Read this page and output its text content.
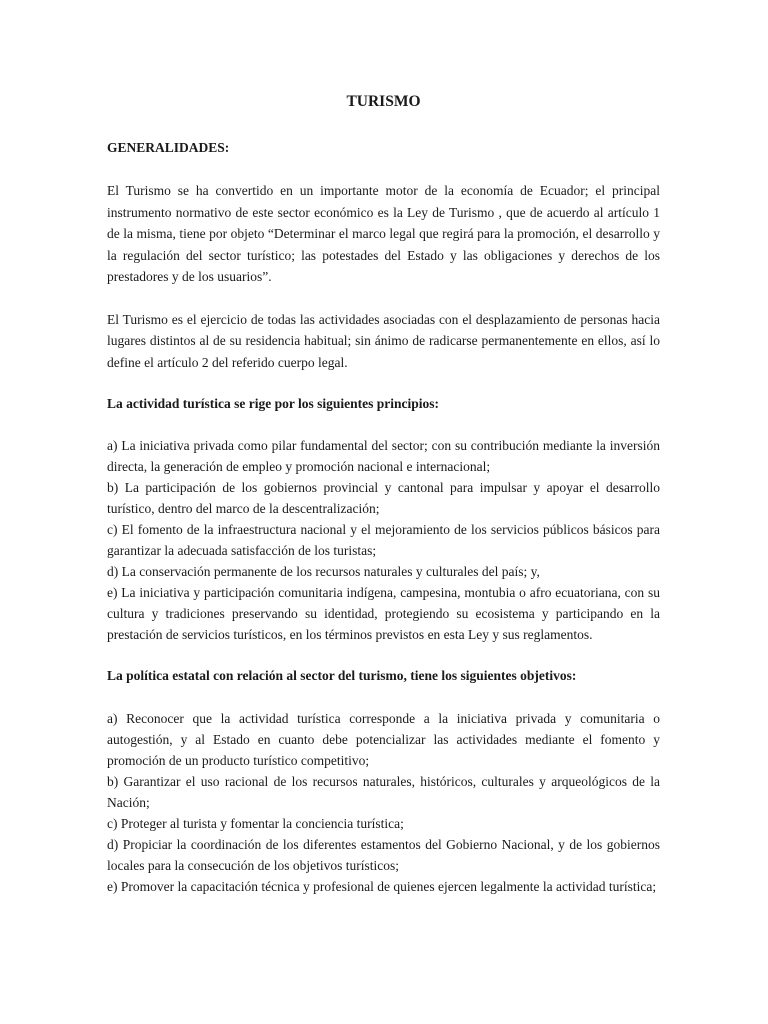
TURISMO
GENERALIDADES:

El Turismo se ha convertido en un importante motor de la economía de Ecuador; el principal instrumento normativo de este sector económico es la Ley de Turismo , que de acuerdo al artículo 1 de la misma, tiene por objeto “Determinar el marco legal que regirá para la promoción, el desarrollo y la regulación del sector turístico; las potestades del Estado y las obligaciones y derechos de los prestadores y de los usuarios”.

El Turismo es el ejercicio de todas las actividades asociadas con el desplazamiento de personas hacia lugares distintos al de su residencia habitual; sin ánimo de radicarse permanentemente en ellos, así lo define el artículo 2 del referido cuerpo legal.

La actividad turística se rige por los siguientes principios:
a) La iniciativa privada como pilar fundamental del sector; con su contribución mediante la inversión directa, la generación de empleo y promoción nacional e internacional;
b) La participación de los gobiernos provincial y cantonal para impulsar y apoyar el desarrollo turístico, dentro del marco de la descentralización;
c) El fomento de la infraestructura nacional y el mejoramiento de los servicios públicos básicos para garantizar la adecuada satisfacción de los turistas;
d) La conservación permanente de los recursos naturales y culturales del país; y,
e) La iniciativa y participación comunitaria indígena, campesina, montubia o afro ecuatoriana, con su cultura y tradiciones preservando su identidad, protegiendo su ecosistema y participando en la prestación de servicios turísticos, en los términos previstos en esta Ley y sus reglamentos.
La política estatal con relación al sector del turismo, tiene los siguientes objetivos:
a) Reconocer que la actividad turística corresponde a la iniciativa privada y comunitaria o autogestión, y al Estado en cuanto debe potencializar las actividades mediante el fomento y promoción de un producto turístico competitivo;
b) Garantizar el uso racional de los recursos naturales, históricos, culturales y arqueológicos de la Nación;
c) Proteger al turista y fomentar la conciencia turística;
d) Propiciar la coordinación de los diferentes estamentos del Gobierno Nacional, y de los gobiernos locales para la consecución de los objetivos turísticos;
e) Promover la capacitación técnica y profesional de quienes ejercen legalmente la actividad turística;
